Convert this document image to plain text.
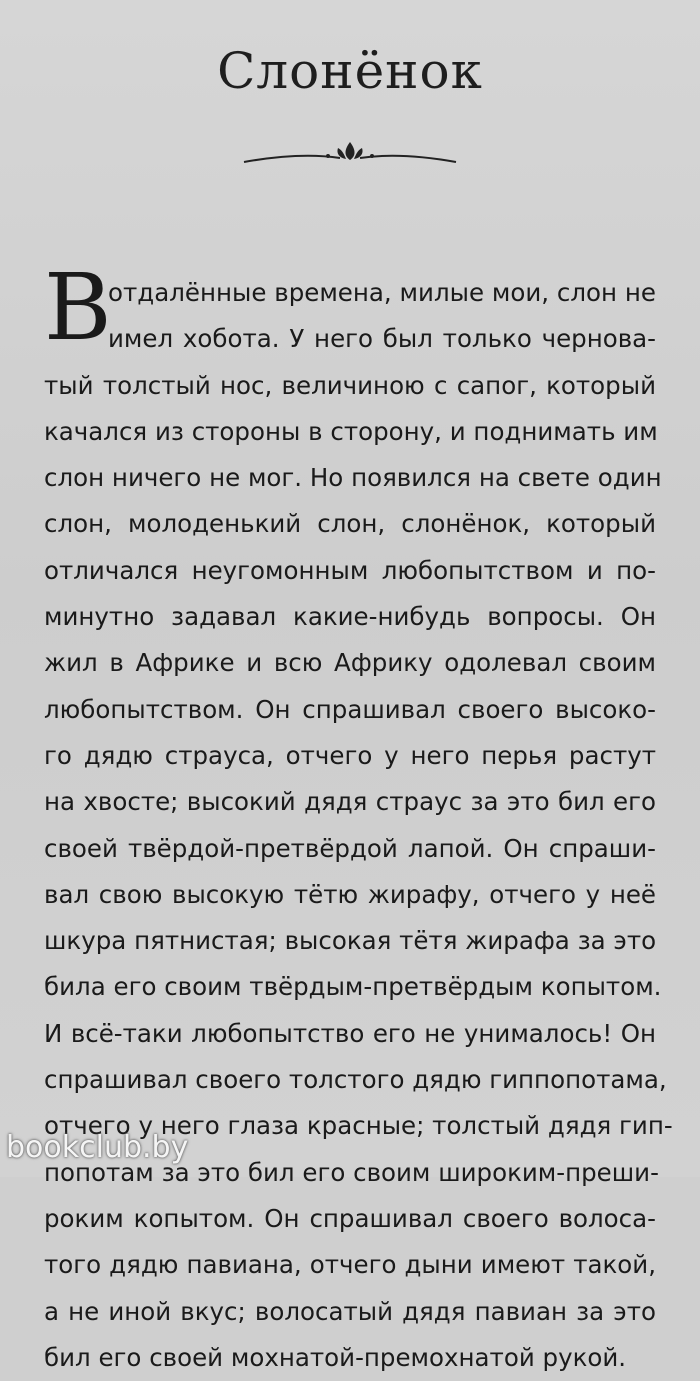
Слонёнок
В
отдалённые времена, милые мои, слон не
имел хобота. У него был только чернова-
тый толстый нос, величиною с сапог, который
качался из стороны в сторону, и поднимать им
слон ничего не мог. Но появился на свете один
слон, молоденький слон, слонёнок, который
отличался неугомонным любопытством и по-
минутно задавал какие-нибудь вопросы. Он
жил в Африке и всю Африку одолевал своим
любопытством. Он спрашивал своего высоко-
го дядю страуса, отчего у него перья растут
на хвосте; высокий дядя страус за это бил его
своей твёрдой-претвёрдой лапой. Он спраши-
вал свою высокую тётю жирафу, отчего у неё
шкура пятнистая; высокая тётя жирафа за это
била его своим твёрдым-претвёрдым копытом.
И всё-таки любопытство его не унималось! Он
спрашивал своего толстого дядю гиппопотама,
отчего у него глаза красные; толстый дядя гип-
попотам за это бил его своим широким-преши-
роким копытом. Он спрашивал своего волоса-
того дядю павиана, отчего дыни имеют такой,
а не иной вкус; волосатый дядя павиан за это
бил его своей мохнатой-премохнатой рукой.
bookclub.by
